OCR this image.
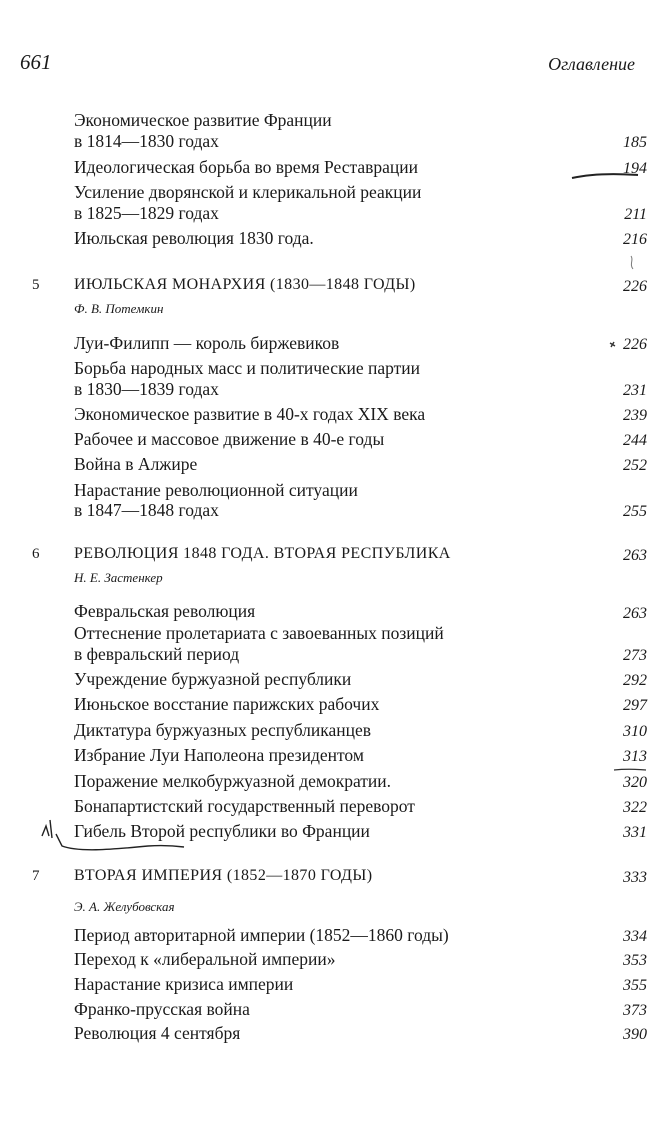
661	Оглавление
Экономическое развитие Франции
в 1814—1830 годах	185
Идеологическая борьба во время Реставрации	194
Усиление дворянской и клерикальной реакции
в 1825—1829 годах	211
Июльская революция 1830 года.	216
5 ИЮЛЬСКАЯ МОНАРХИЯ (1830—1848 ГОДЫ)	226
Ф. В. Потемкин
Луи-Филипп — король биржевиков	226
Борьба народных масс и политические партии
в 1830—1839 годах	231
Экономическое развитие в 40-х годах XIX века	239
Рабочее и массовое движение в 40-е годы	244
Война в Алжире	252
Нарастание революционной ситуации
в 1847—1848 годах	255
6 РЕВОЛЮЦИЯ 1848 ГОДА. ВТОРАЯ РЕСПУБЛИКА	263
Н. Е. Застенкер
Февральская революция	263
Оттеснение пролетариата с завоеванных позиций
в февральский период	273
Учреждение буржуазной республики	292
Июньское восстание парижских рабочих	297
Диктатура буржуазных республиканцев	310
Избрание Луи Наполеона президентом	313
Поражение мелкобуржуазной демократии.	320
Бонапартистский государственный переворот	322
Гибель Второй республики во Франции	331
7 ВТОРАЯ ИМПЕРИЯ (1852—1870 ГОДЫ)	333
Э. А. Желубовская
Период авторитарной империи (1852—1860 годы)	334
Переход к «либеральной империи»	353
Нарастание кризиса империи	355
Франко-прусская война	373
Революция 4 сентября	390
